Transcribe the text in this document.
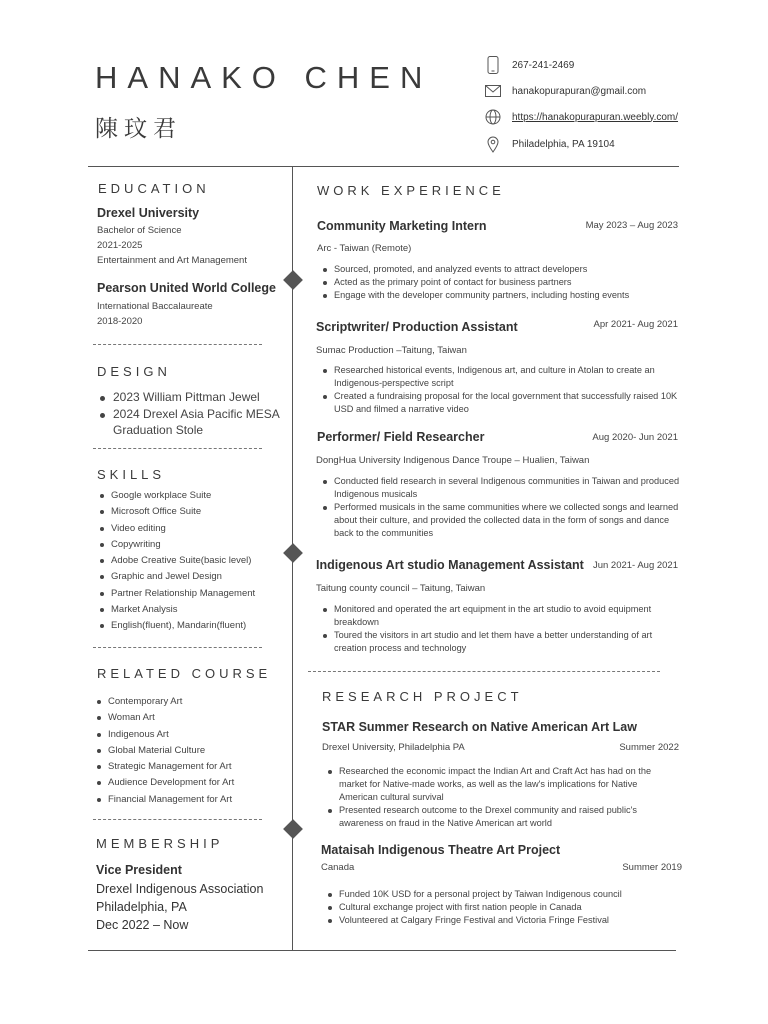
HANAKO CHEN
陳玟君
267-241-2469
hanakopurapuran@gmail.com
https://hanakopurapuran.weebly.com/
Philadelphia, PA 19104
EDUCATION
Drexel University
Bachelor of Science
2021-2025
Entertainment and Art Management
Pearson United World College
International Baccalaureate
2018-2020
DESIGN
2023 William Pittman Jewel
2024 Drexel Asia Pacific MESA
Graduation Stole
SKILLS
Google workplace Suite
Microsoft Office Suite
Video editing
Copywriting
Adobe Creative Suite(basic level)
Graphic and Jewel Design
Partner Relationship Management
Market Analysis
English(fluent), Mandarin(fluent)
RELATED COURSE
Contemporary Art
Woman Art
Indigenous Art
Global Material Culture
Strategic Management for Art
Audience Development for Art
Financial Management for Art
MEMBERSHIP
Vice President
Drexel Indigenous Association
Philadelphia, PA
Dec 2022 – Now
WORK EXPERIENCE
Community Marketing Intern	May 2023 – Aug 2023
Arc - Taiwan (Remote)
Sourced, promoted, and analyzed events to attract developers
Acted as the primary point of contact for business partners
Engage with the developer community partners, including hosting events
Scriptwriter/ Production Assistant	Apr 2021- Aug 2021
Sumac Production –Taitung, Taiwan
Researched historical events, Indigenous art, and culture in Atolan to create an Indigenous-perspective script
Created a fundraising proposal for the local government that successfully raised 10K USD and filmed a narrative video
Performer/ Field Researcher	Aug 2020- Jun 2021
DongHua University Indigenous Dance Troupe – Hualien, Taiwan
Conducted field research in several Indigenous communities in Taiwan and produced Indigenous musicals
Performed musicals in the same communities where we collected songs and learned about their culture, and provided the collected data in the form of songs and dance back to the communities
Indigenous Art studio Management Assistant Jun 2021- Aug 2021
Taitung county council – Taitung, Taiwan
Monitored and operated the art equipment in the art studio to avoid equipment breakdown
Toured the visitors in art studio and let them have a better understanding of art creation process and technology
RESEARCH PROJECT
STAR Summer Research on Native American Art Law
Drexel University, Philadelphia PA	Summer 2022
Researched the economic impact the Indian Art and Craft Act has had on the market for Native-made works, as well as the law's implications for Native American cultural survival
Presented research outcome to the Drexel community and raised public's awareness on fraud in the Native American art world
Mataisah Indigenous Theatre Art Project
Canada	Summer 2019
Funded 10K USD for a personal project by Taiwan Indigenous council
Cultural exchange project with first nation people in Canada
Volunteered at Calgary Fringe Festival and Victoria Fringe Festival
